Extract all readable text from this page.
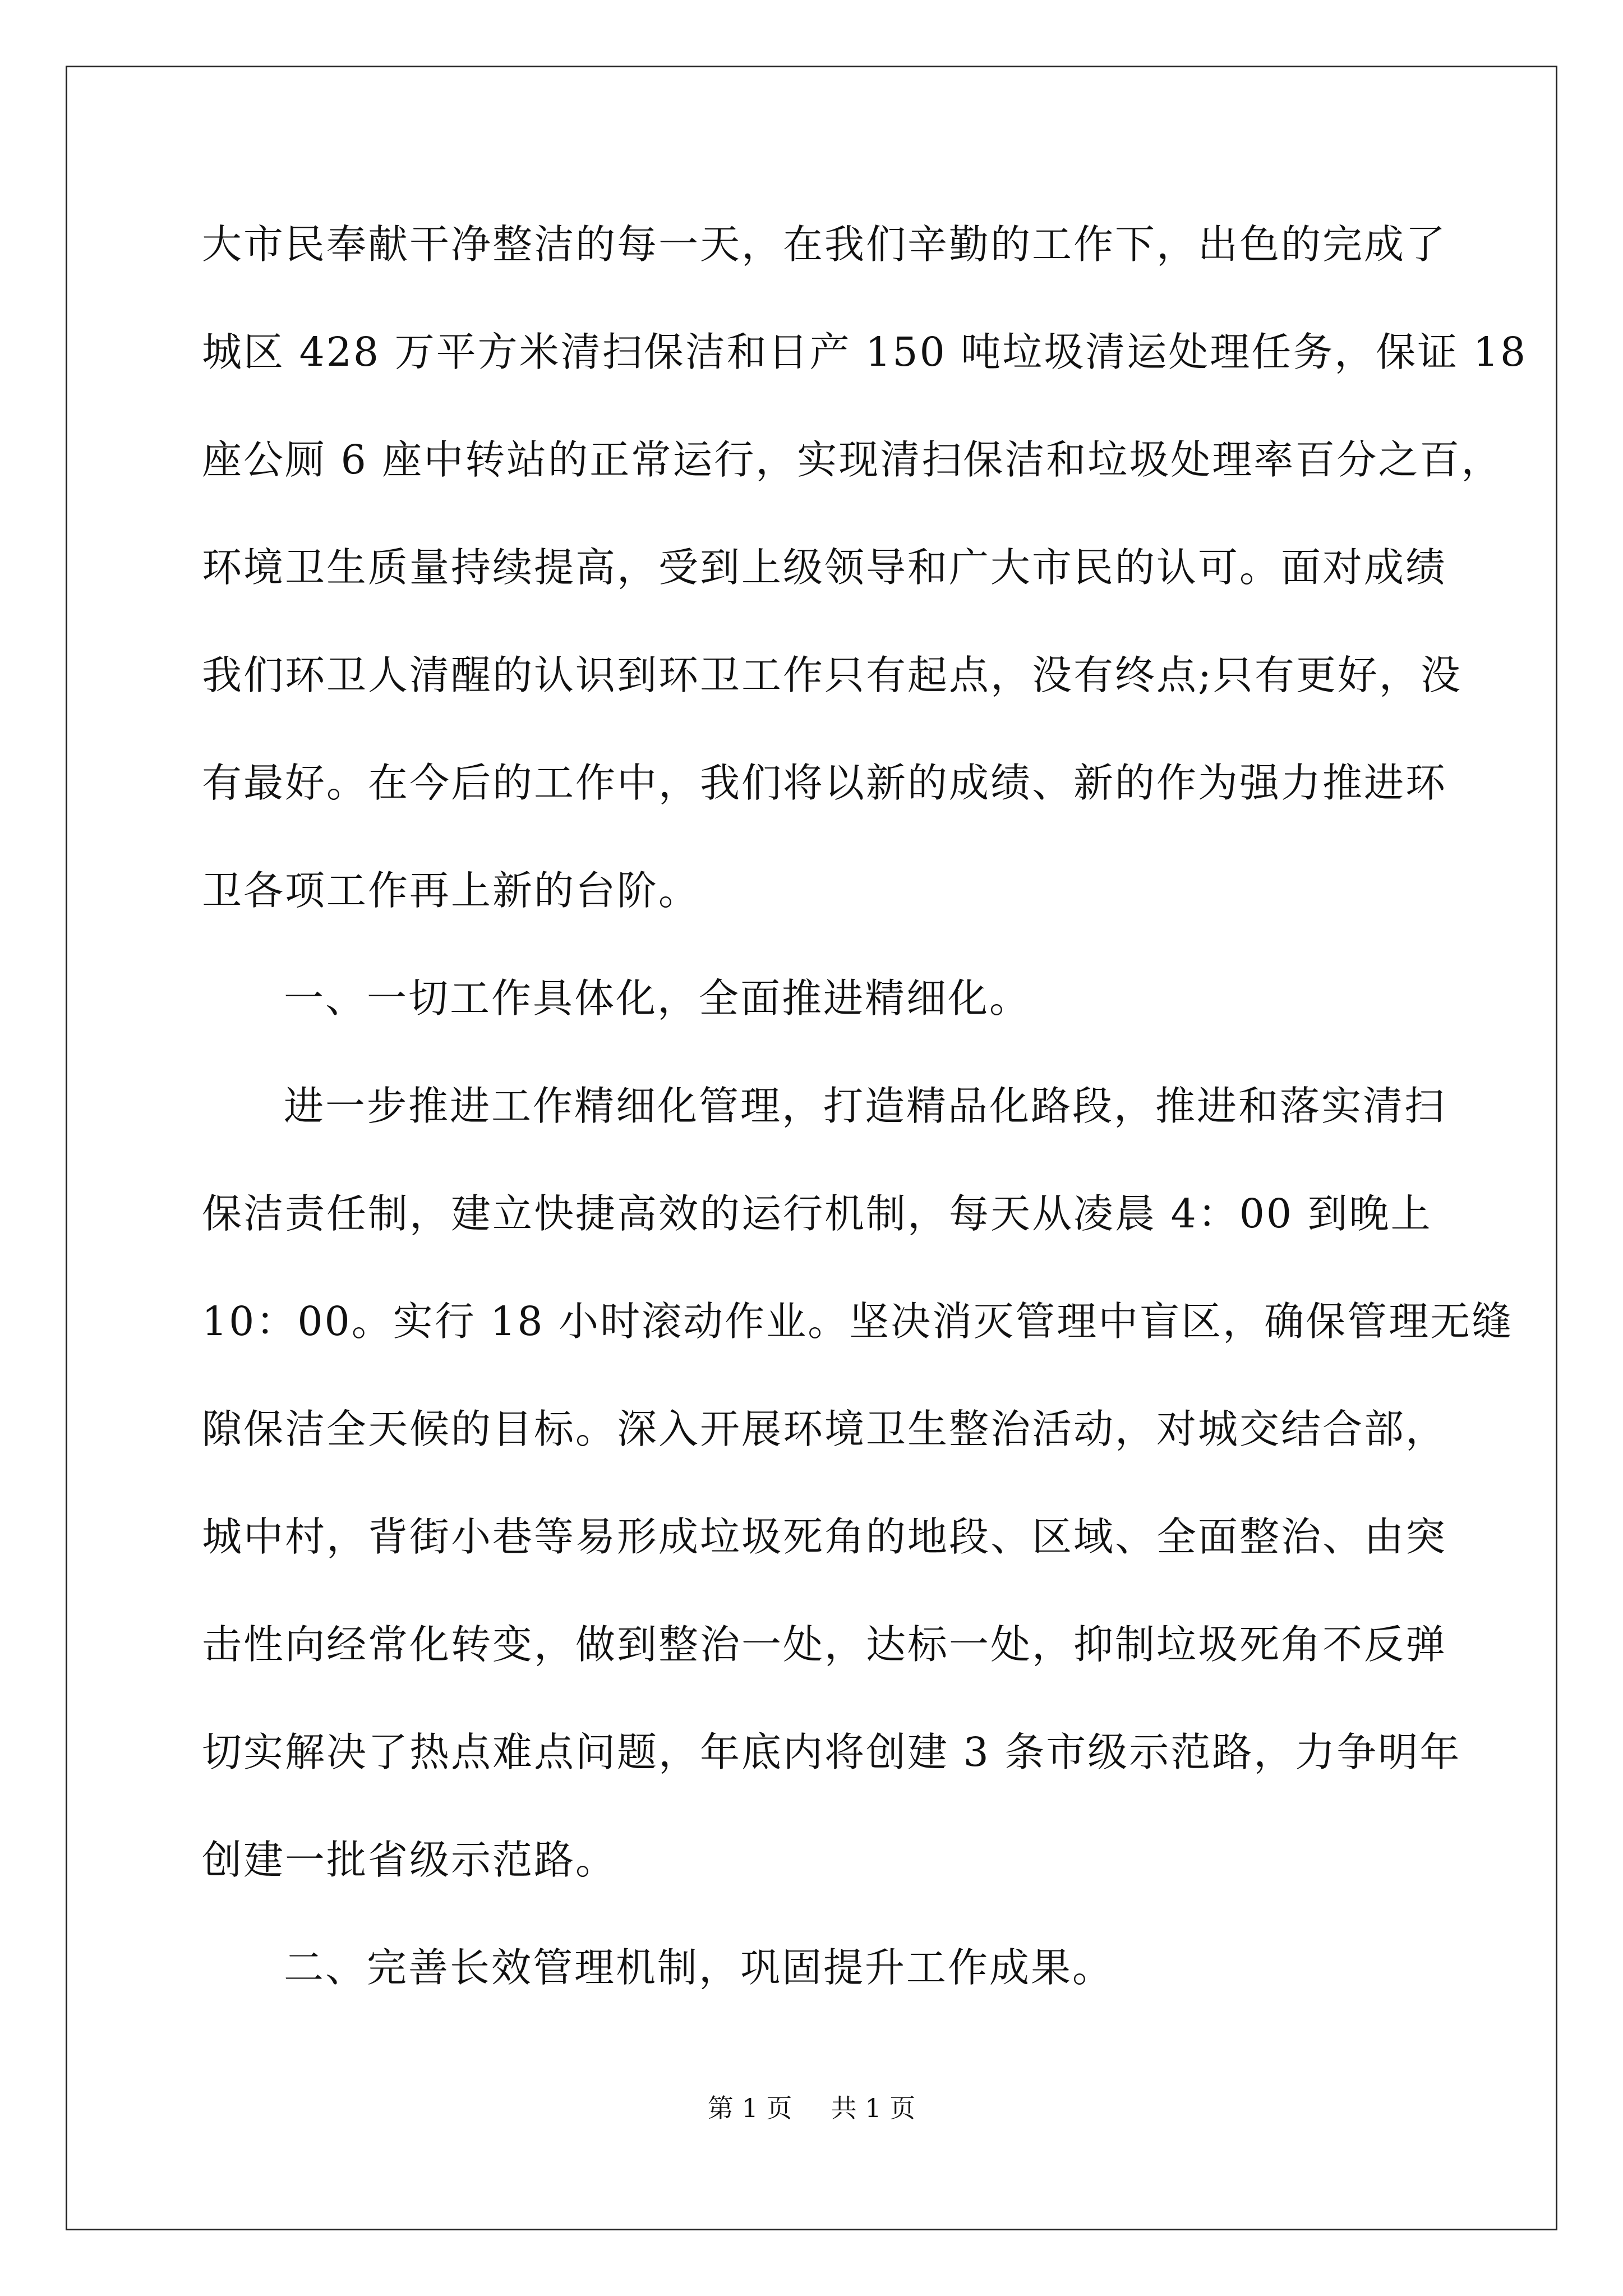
大市民奉献干净整洁的每一天，在我们辛勤的工作下，出色的完成了

城区 428 万平方米清扫保洁和日产 150 吨垃圾清运处理任务，保证 18

座公厕 6 座中转站的正常运行，实现清扫保洁和垃圾处理率百分之百，

环境卫生质量持续提高，受到上级领导和广大市民的认可。面对成绩

我们环卫人清醒的认识到环卫工作只有起点，没有终点;只有更好，没

有最好。在今后的工作中，我们将以新的成绩、新的作为强力推进环

卫各项工作再上新的台阶。

一、一切工作具体化，全面推进精细化。

进一步推进工作精细化管理，打造精品化路段，推进和落实清扫

保洁责任制，建立快捷高效的运行机制，每天从凌晨 4：00 到晚上

10：00。实行 18 小时滚动作业。坚决消灭管理中盲区，确保管理无缝

隙保洁全天候的目标。深入开展环境卫生整治活动，对城交结合部，

城中村，背街小巷等易形成垃圾死角的地段、区域、全面整治、由突

击性向经常化转变，做到整治一处，达标一处，抑制垃圾死角不反弹

切实解决了热点难点问题，年底内将创建 3 条市级示范路，力争明年

创建一批省级示范路。

二、完善长效管理机制，巩固提升工作成果。

第 1 页 共 1 页
